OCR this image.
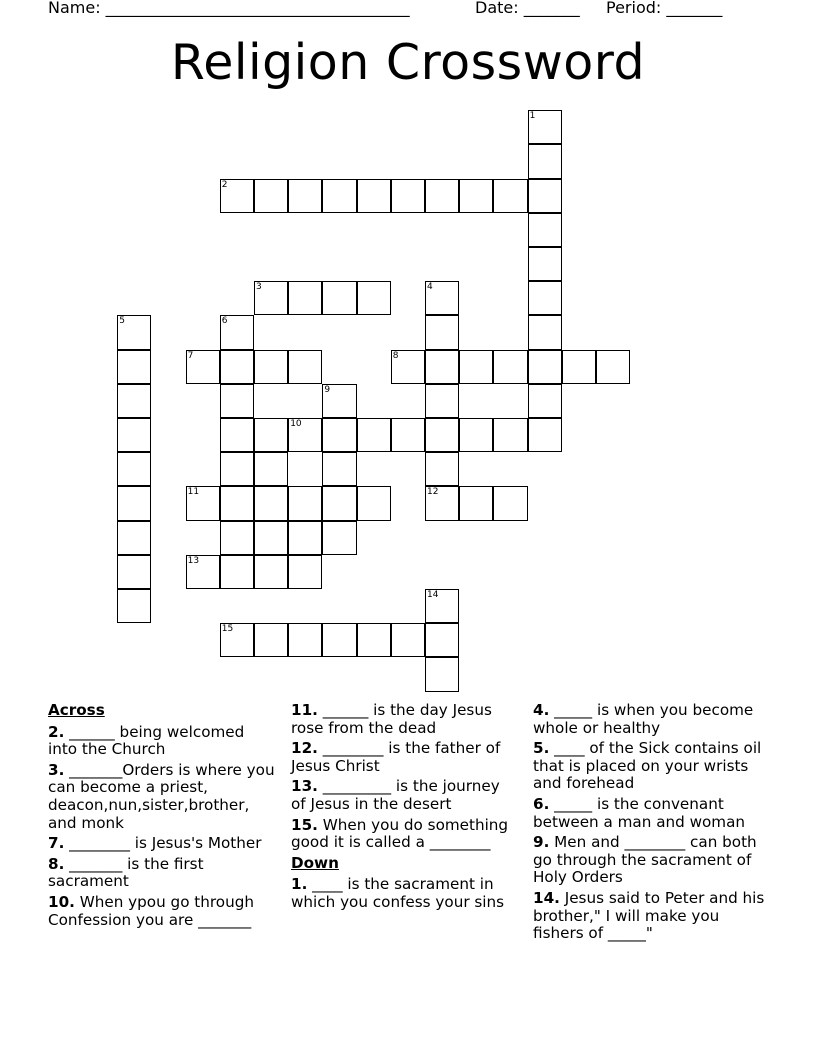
Name: ______________________________________

	Date: _______

Period: _______

Religion Crossword
1
2
3	4
12
5	6
7	8
9
10
11
13
14
15
Across
2. ______ being welcomed into the Church
3. _______Orders is where you can become a priest, deacon,nun,sister,brother, and monk
7. ________ is Jesus's Mother
8. _______ is the first sacrament
10. When ypou go through Confession you are _______
11. ______ is the day Jesus rose from the dead
12. ________ is the father of Jesus Christ
13. _________ is the journey of Jesus in the desert
15. When you do something good it is called a ________
Down
1. ____ is the sacrament in which you confess your sins
4. _____ is when you become whole or healthy
5. ____ of the Sick contains oil that is placed on your wrists and forehead
6. _____ is the convenant between a man and woman
9. Men and ________ can both go through the sacrament of Holy Orders
14. Jesus said to Peter and his brother," I will make you fishers of _____"
